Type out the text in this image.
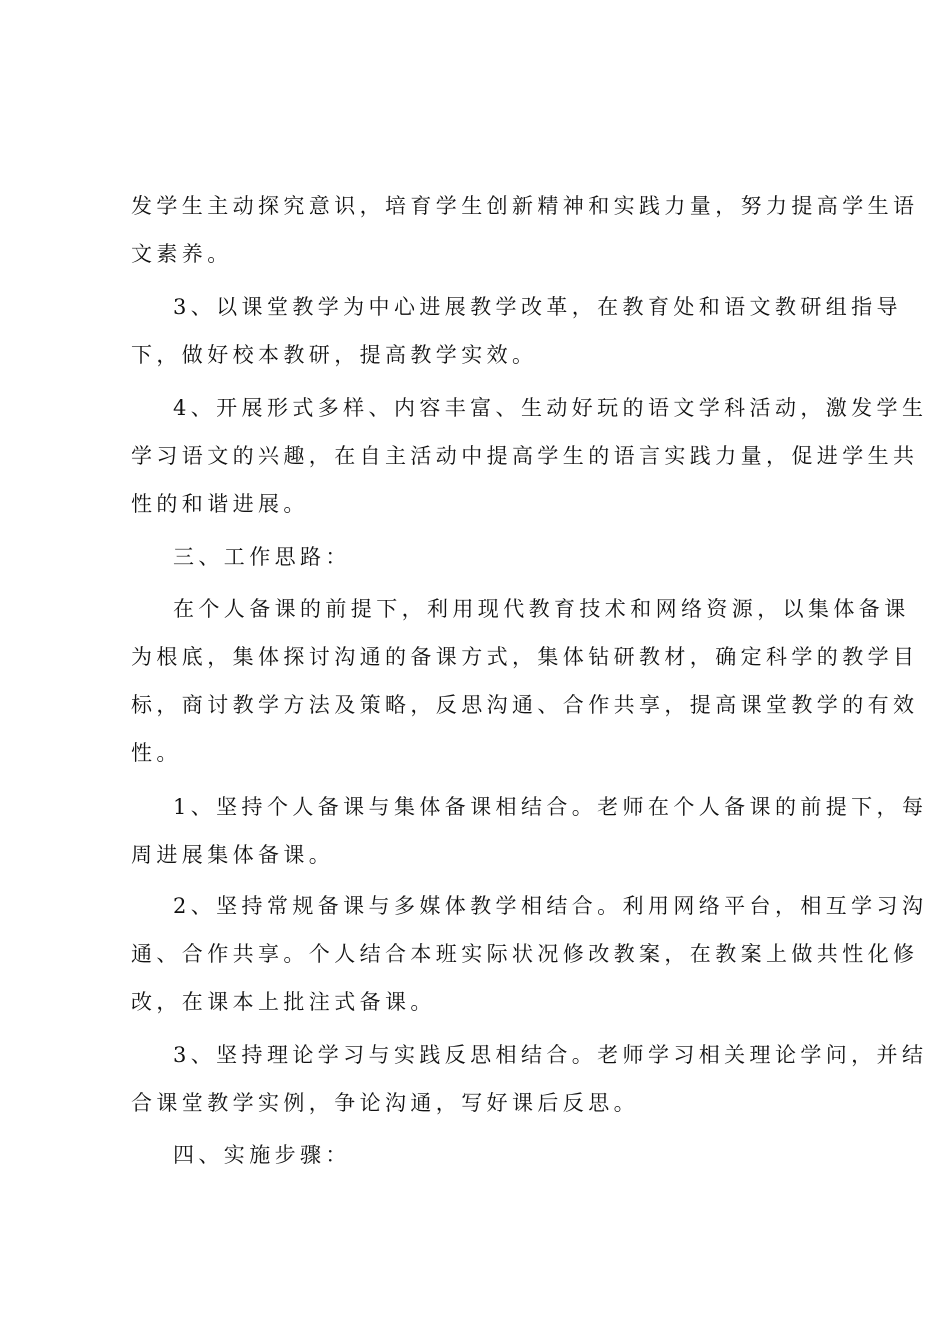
发学生主动探究意识，培育学生创新精神和实践力量，努力提高学生语
文素养。
3、以课堂教学为中心进展教学改革，在教育处和语文教研组指导
下，做好校本教研，提高教学实效。
4、开展形式多样、内容丰富、生动好玩的语文学科活动，激发学生
学习语文的兴趣，在自主活动中提高学生的语言实践力量，促进学生共
性的和谐进展。
三、工作思路：
在个人备课的前提下，利用现代教育技术和网络资源，以集体备课
为根底，集体探讨沟通的备课方式，集体钻研教材，确定科学的教学目
标，商讨教学方法及策略，反思沟通、合作共享，提高课堂教学的有效
性。
1、坚持个人备课与集体备课相结合。老师在个人备课的前提下，每
周进展集体备课。
2、坚持常规备课与多媒体教学相结合。利用网络平台，相互学习沟
通、合作共享。个人结合本班实际状况修改教案，在教案上做共性化修
改，在课本上批注式备课。
3、坚持理论学习与实践反思相结合。老师学习相关理论学问，并结
合课堂教学实例，争论沟通，写好课后反思。
四、实施步骤：
